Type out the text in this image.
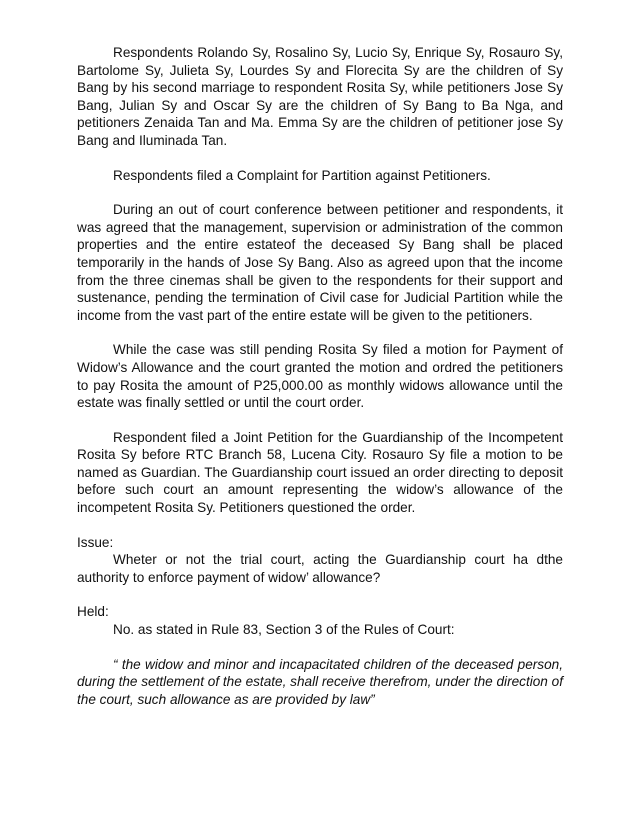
Respondents Rolando Sy, Rosalino Sy, Lucio Sy, Enrique Sy, Rosauro Sy, Bartolome Sy, Julieta Sy, Lourdes Sy and Florecita Sy are the children of Sy Bang by his second marriage to respondent Rosita Sy, while petitioners Jose Sy Bang, Julian Sy and Oscar Sy are the children of Sy Bang to Ba Nga, and petitioners Zenaida Tan and Ma. Emma Sy are the children of petitioner jose Sy Bang and Iluminada Tan.

Respondents filed a Complaint for Partition against Petitioners.

During an out of court conference between petitioner and respondents, it was agreed that the management, supervision or administration of the common properties and the entire estateof the deceased Sy Bang shall be placed temporarily in the hands of Jose Sy Bang. Also as agreed upon that the income from the three cinemas shall be given to the respondents for their support and sustenance, pending the termination of Civil case for Judicial Partition while the income from the vast part of the entire estate will be given to the petitioners.

While the case was still pending Rosita Sy filed a motion for Payment of Widow’s Allowance and the court granted the motion and ordred the petitioners to pay Rosita the amount of P25,000.00 as monthly widows allowance until the estate was finally settled or until the court order.

Respondent filed a Joint Petition for the Guardianship of the Incompetent Rosita Sy before RTC Branch 58, Lucena City. Rosauro Sy file a motion to be named as Guardian. The Guardianship court issued an order directing to deposit before such court an amount representing the widow’s allowance of the incompetent Rosita Sy. Petitioners questioned the order.

Issue:

Wheter or not the trial court, acting the Guardianship court ha dthe authority to enforce payment of widow’ allowance?

Held:

No. as stated in Rule 83, Section 3 of the Rules of Court:

“ the widow and minor and incapacitated children of the deceased person, during the settlement of the estate, shall receive therefrom, under the direction of the court, such allowance as are provided by law”
